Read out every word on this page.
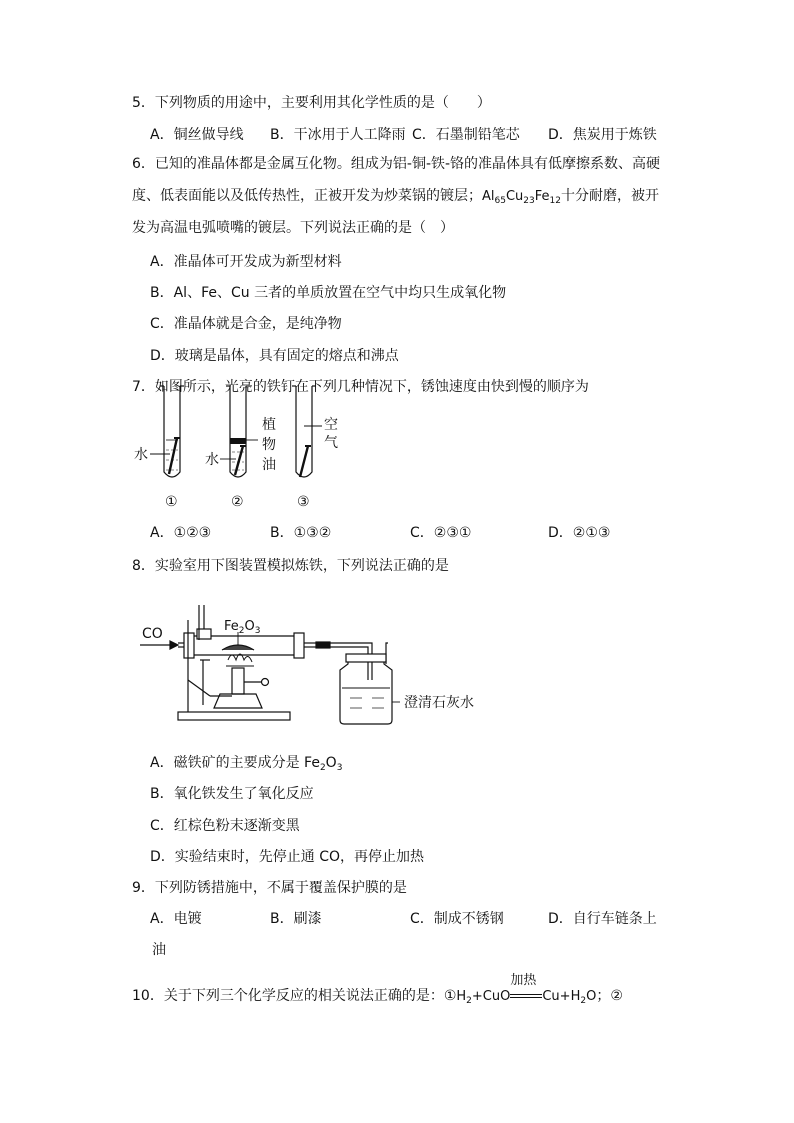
5．下列物质的用途中，主要利用其化学性质的是（　　）
A．铜丝做导线 B．干冰用于人工降雨 C．石墨制铅笔芯 D．焦炭用于炼铁
6．已知的准晶体都是金属互化物。组成为铝-铜-铁-铬的准晶体具有低摩擦系数、高硬
度、低表面能以及低传热性，正被开发为炒菜锅的镀层；$Al_{65}Cu_{23}Fe_{12}$十分耐磨，被开
发为高温电弧喷嘴的镀层。下列说法正确的是（　）
A．准晶体可开发成为新型材料
B．Al、Fe、Cu 三者的单质放置在空气中均只生成氧化物
C．准晶体就是合金，是纯净物
D．玻璃是晶体，具有固定的熔点和沸点
7．如图所示，光亮的铁钉在下列几种情况下，锈蚀速度由快到慢的顺序为
水	水
植
物
油
空
气
①	②	③
A．①②③	B．①③②	C．②③①	D．②①③
8．实验室用下图装置模拟炼铁，下列说法正确的是
CO	$Fe_2O_3$
澄清石灰水
A．磁铁矿的主要成分是 $Fe_2O_3$
B．氧化铁发生了氧化反应
C．红棕色粉末逐渐变黑
D．实验结束时，先停止通 CO，再停止加热
9．下列防锈措施中，不属于覆盖保护膜的是
A．电镀	B．刷漆	C．制成不锈钢	D．自行车链条上
油
10．关于下列三个化学反应的相关说法正确的是：$①H_2+CuO$
加热
$Cu+H_2O$；②
